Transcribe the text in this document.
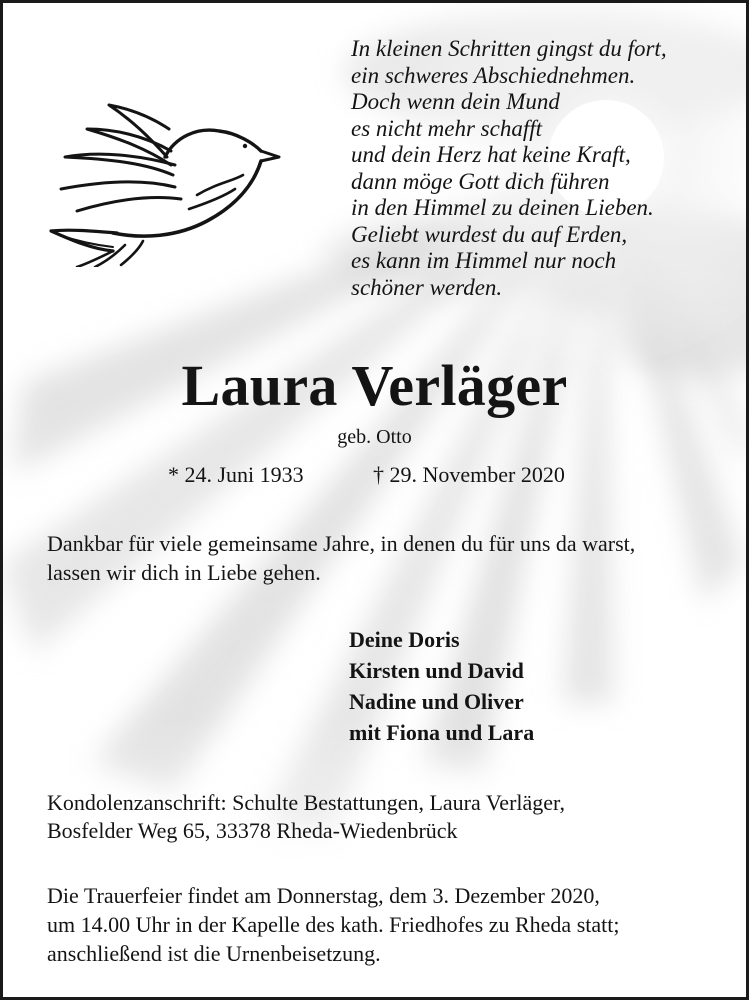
In kleinen Schritten gingst du fort,
ein schweres Abschiednehmen.
Doch wenn dein Mund
es nicht mehr schafft
und dein Herz hat keine Kraft,
dann möge Gott dich führen
in den Himmel zu deinen Lieben.
Geliebt wurdest du auf Erden,
es kann im Himmel nur noch
schöner werden.
Laura Verläger
geb. Otto
* 24. Juni 1933	† 29. November 2020
Dankbar für viele gemeinsame Jahre, in denen du für uns da warst,
lassen wir dich in Liebe gehen.
Deine Doris
Kirsten und David
Nadine und Oliver
mit Fiona und Lara
Kondolenzanschrift: Schulte Bestattungen, Laura Verläger,
Bosfelder Weg 65, 33378 Rheda-Wiedenbrück
Die Trauerfeier findet am Donnerstag, dem 3. Dezember 2020,
um 14.00 Uhr in der Kapelle des kath. Friedhofes zu Rheda statt;
anschließend ist die Urnenbeisetzung.
